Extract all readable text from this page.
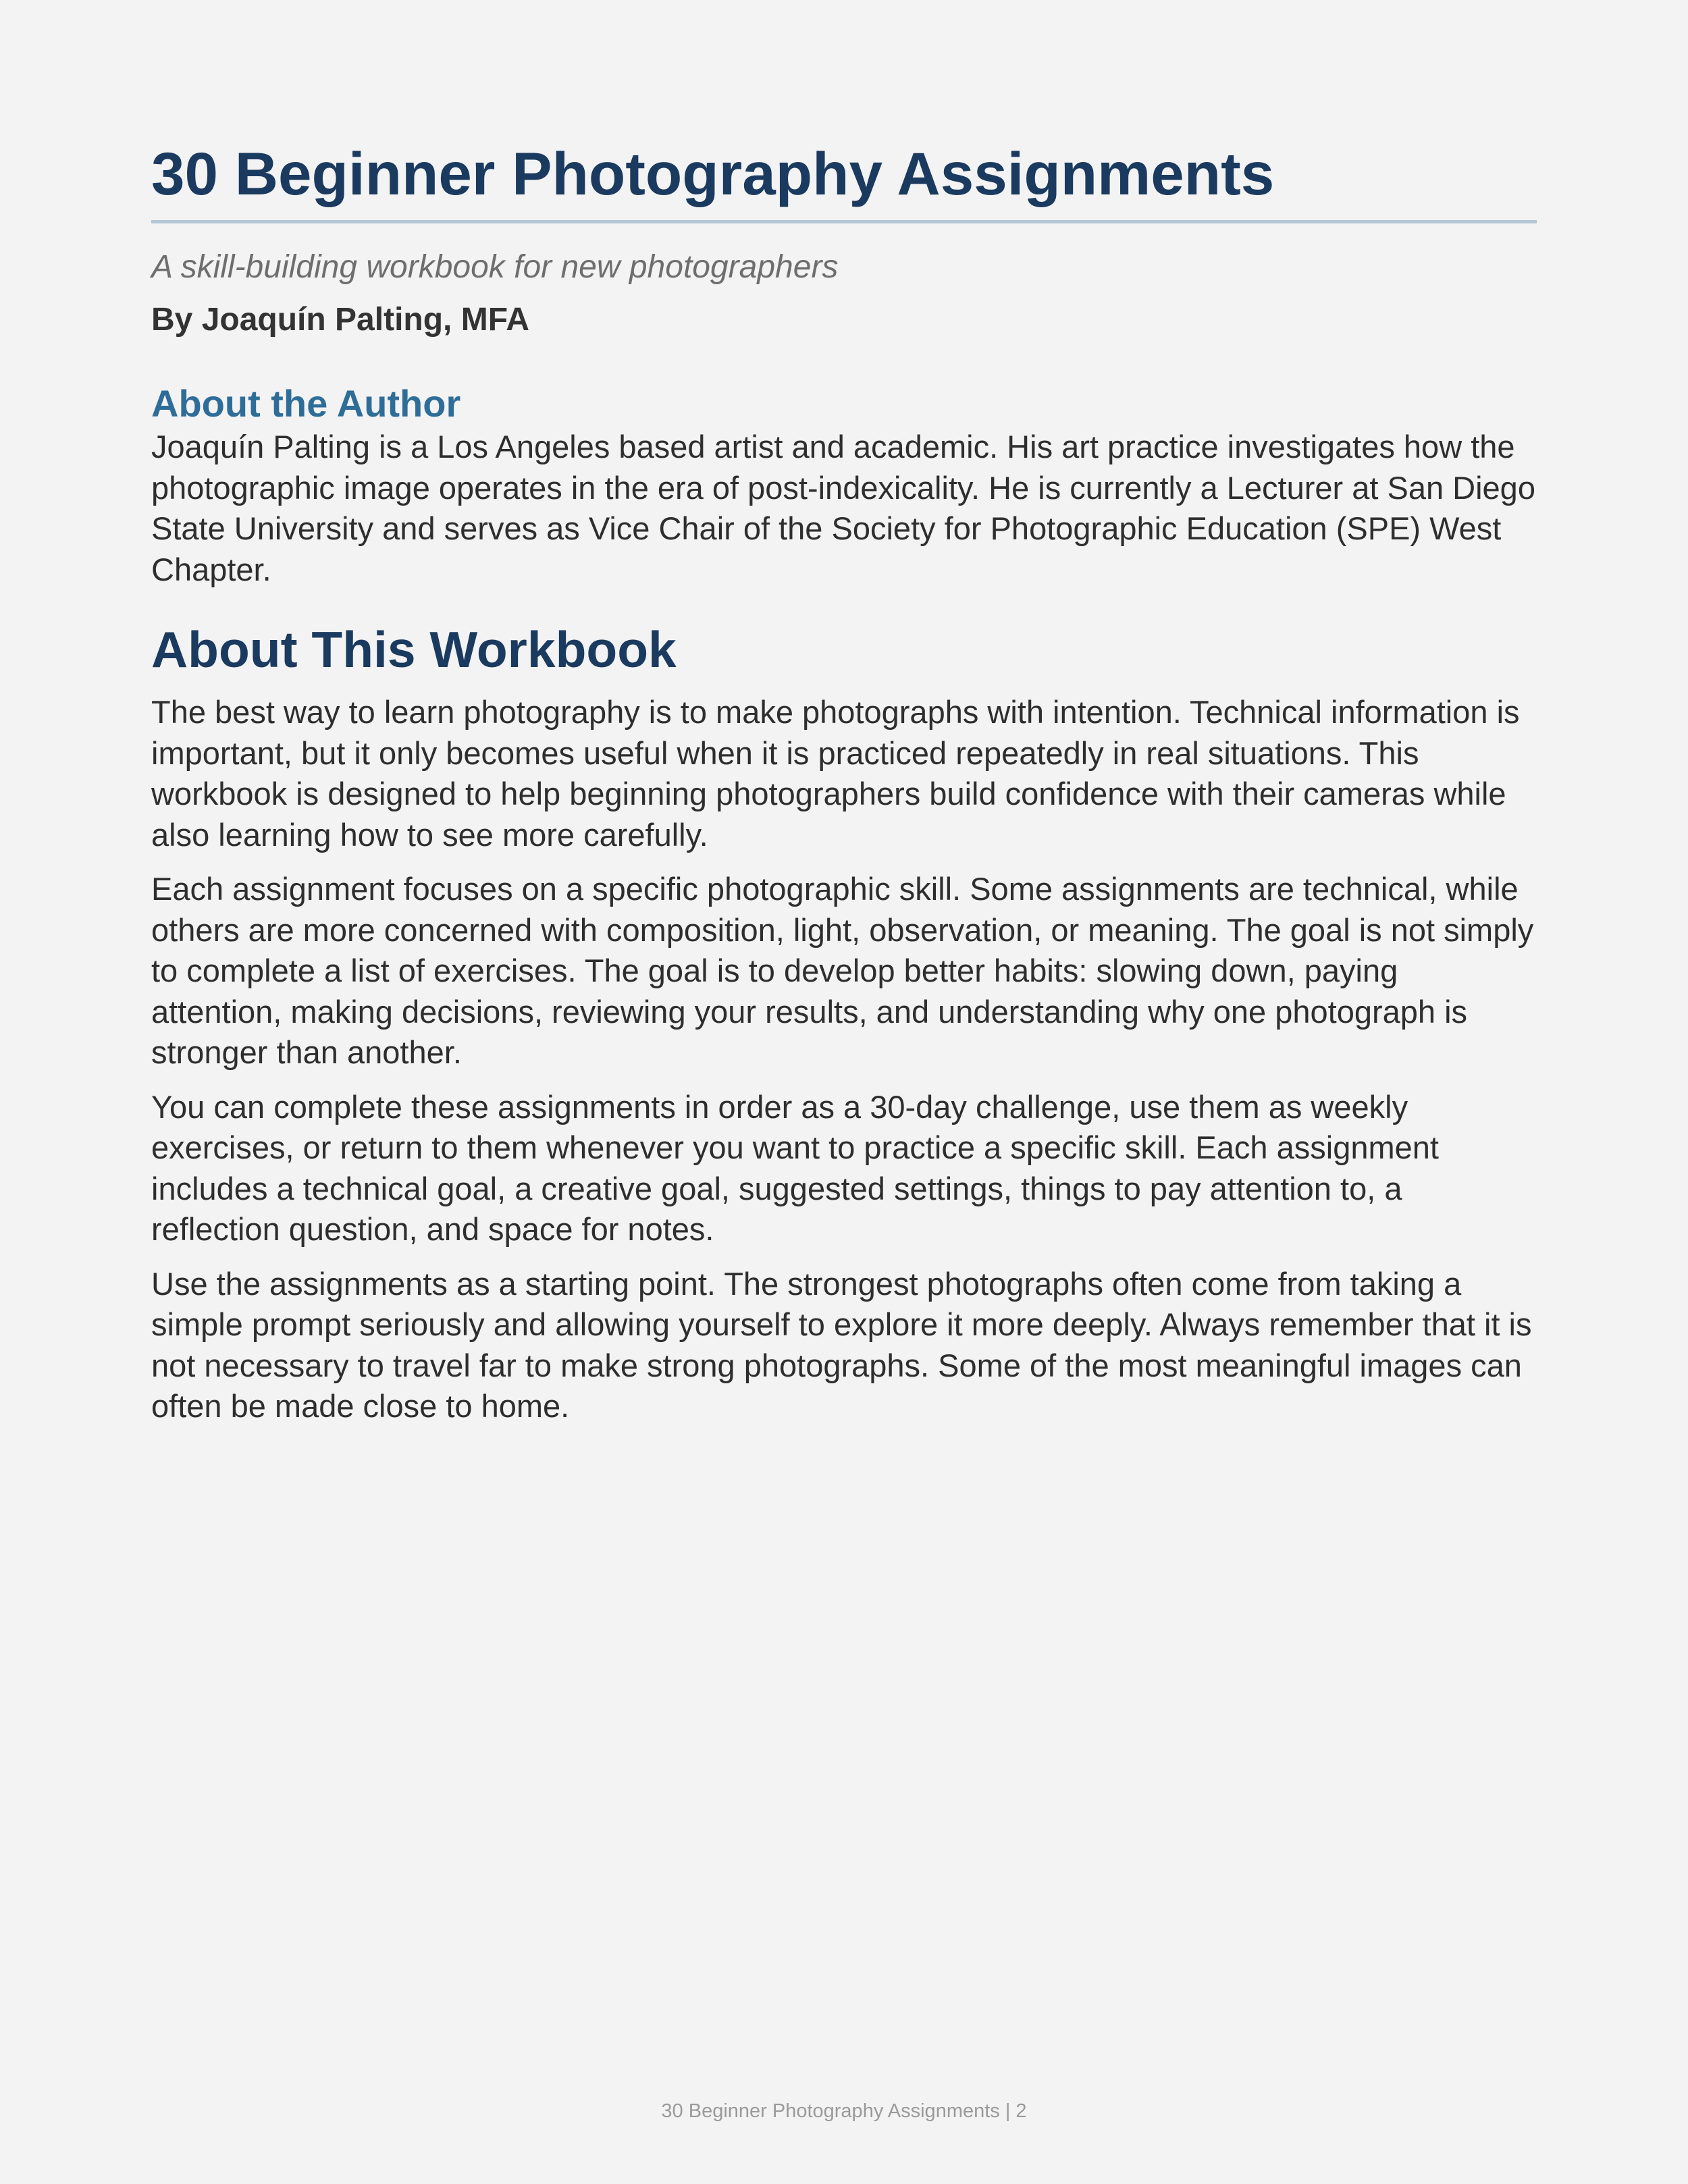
30 Beginner Photography Assignments

A skill-building workbook for new photographers

By Joaquín Palting, MFA

About the Author

Joaquín Palting is a Los Angeles based artist and academic. His art practice investigates how the photographic image operates in the era of post-indexicality. He is currently a Lecturer at San Diego State University and serves as Vice Chair of the Society for Photographic Education (SPE) West Chapter.

About This Workbook

The best way to learn photography is to make photographs with intention. Technical information is important, but it only becomes useful when it is practiced repeatedly in real situations. This workbook is designed to help beginning photographers build confidence with their cameras while also learning how to see more carefully.

Each assignment focuses on a specific photographic skill. Some assignments are technical, while others are more concerned with composition, light, observation, or meaning. The goal is not simply to complete a list of exercises. The goal is to develop better habits: slowing down, paying attention, making decisions, reviewing your results, and understanding why one photograph is stronger than another.

You can complete these assignments in order as a 30-day challenge, use them as weekly exercises, or return to them whenever you want to practice a specific skill. Each assignment includes a technical goal, a creative goal, suggested settings, things to pay attention to, a reflection question, and space for notes.

Use the assignments as a starting point. The strongest photographs often come from taking a simple prompt seriously and allowing yourself to explore it more deeply. Always remember that it is not necessary to travel far to make strong photographs. Some of the most meaningful images can often be made close to home.

30 Beginner Photography Assignments | 2
